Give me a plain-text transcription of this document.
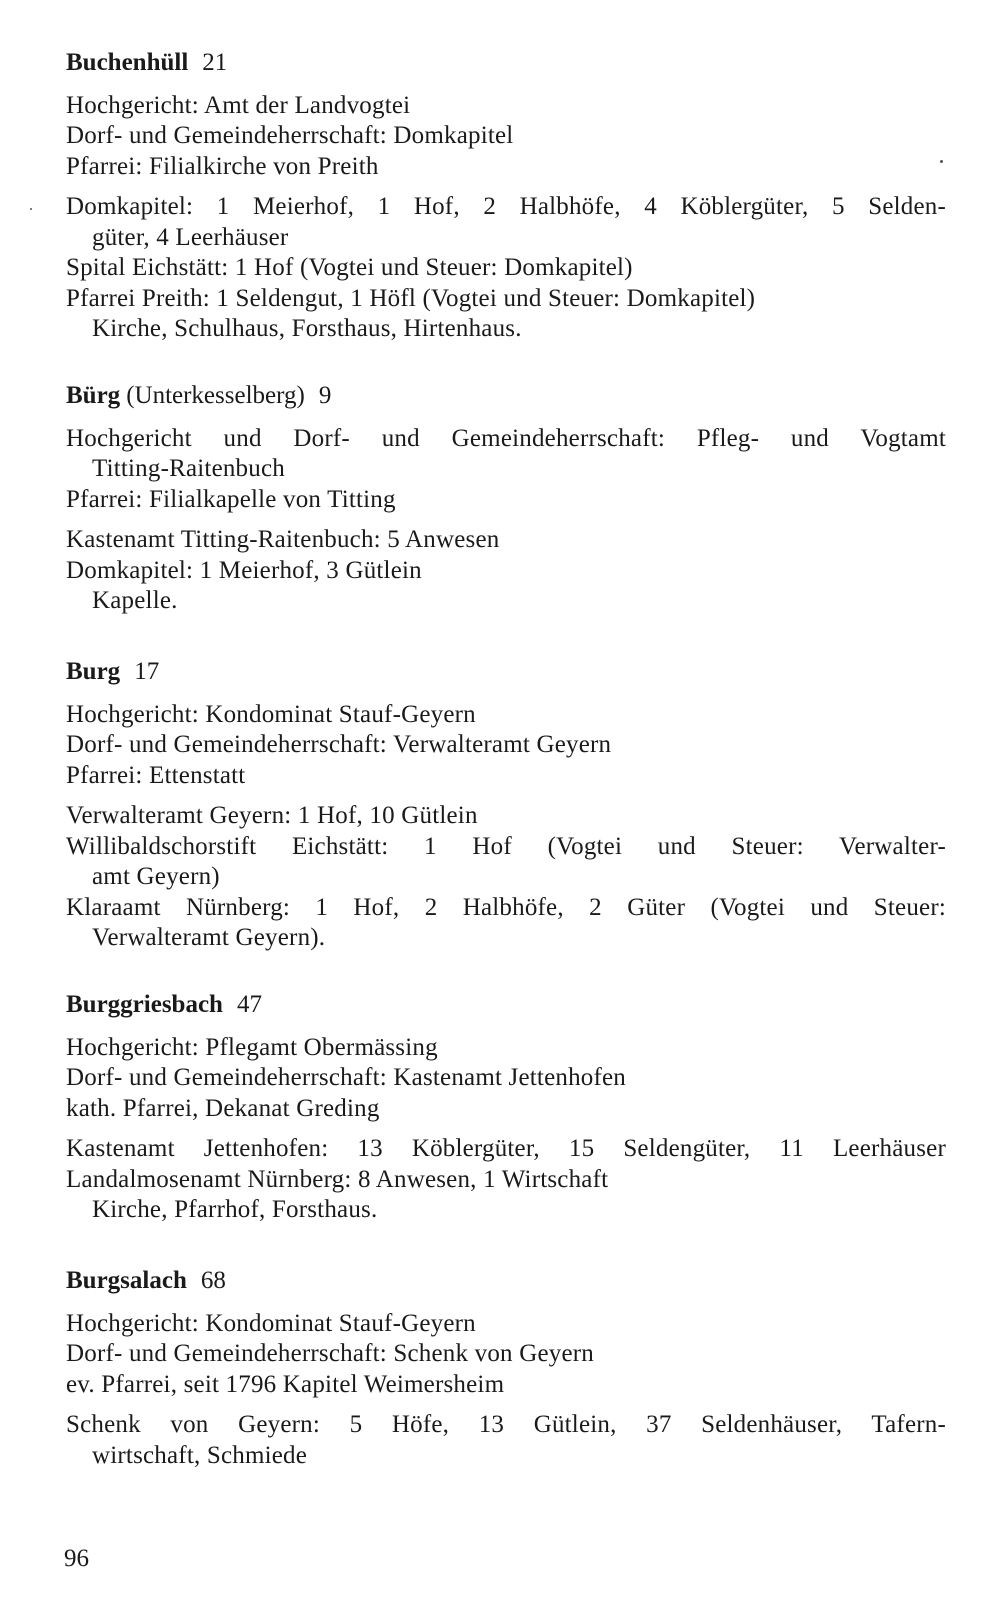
Buchenhüll 21
Hochgericht: Amt der Landvogtei
Dorf- und Gemeindeherrschaft: Domkapitel
Pfarrei: Filialkirche von Preith
Domkapitel: 1 Meierhof, 1 Hof, 2 Halbhöfe, 4 Köblergüter, 5 Selden-
güter, 4 Leerhäuser
Spital Eichstätt: 1 Hof (Vogtei und Steuer: Domkapitel)
Pfarrei Preith: 1 Seldengut, 1 Höfl (Vogtei und Steuer: Domkapitel)
Kirche, Schulhaus, Forsthaus, Hirtenhaus.
Bürg (Unterkesselberg) 9
Hochgericht und Dorf- und Gemeindeherrschaft: Pfleg- und Vogtamt
Titting-Raitenbuch
Pfarrei: Filialkapelle von Titting
Kastenamt Titting-Raitenbuch: 5 Anwesen
Domkapitel: 1 Meierhof, 3 Gütlein
Kapelle.
Burg 17
Hochgericht: Kondominat Stauf-Geyern
Dorf- und Gemeindeherrschaft: Verwalteramt Geyern
Pfarrei: Ettenstatt
Verwalteramt Geyern: 1 Hof, 10 Gütlein
Willibaldschorstift Eichstätt: 1 Hof (Vogtei und Steuer: Verwalter-
amt Geyern)
Klaraamt Nürnberg: 1 Hof, 2 Halbhöfe, 2 Güter (Vogtei und Steuer:
Verwalteramt Geyern).
Burggriesbach 47
Hochgericht: Pflegamt Obermässing
Dorf- und Gemeindeherrschaft: Kastenamt Jettenhofen
kath. Pfarrei, Dekanat Greding
Kastenamt Jettenhofen: 13 Köblergüter, 15 Seldengüter, 11 Leerhäuser
Landalmosenamt Nürnberg: 8 Anwesen, 1 Wirtschaft
Kirche, Pfarrhof, Forsthaus.
Burgsalach 68
Hochgericht: Kondominat Stauf-Geyern
Dorf- und Gemeindeherrschaft: Schenk von Geyern
ev. Pfarrei, seit 1796 Kapitel Weimersheim
Schenk von Geyern: 5 Höfe, 13 Gütlein, 37 Seldenhäuser, Tafern-
wirtschaft, Schmiede
96
